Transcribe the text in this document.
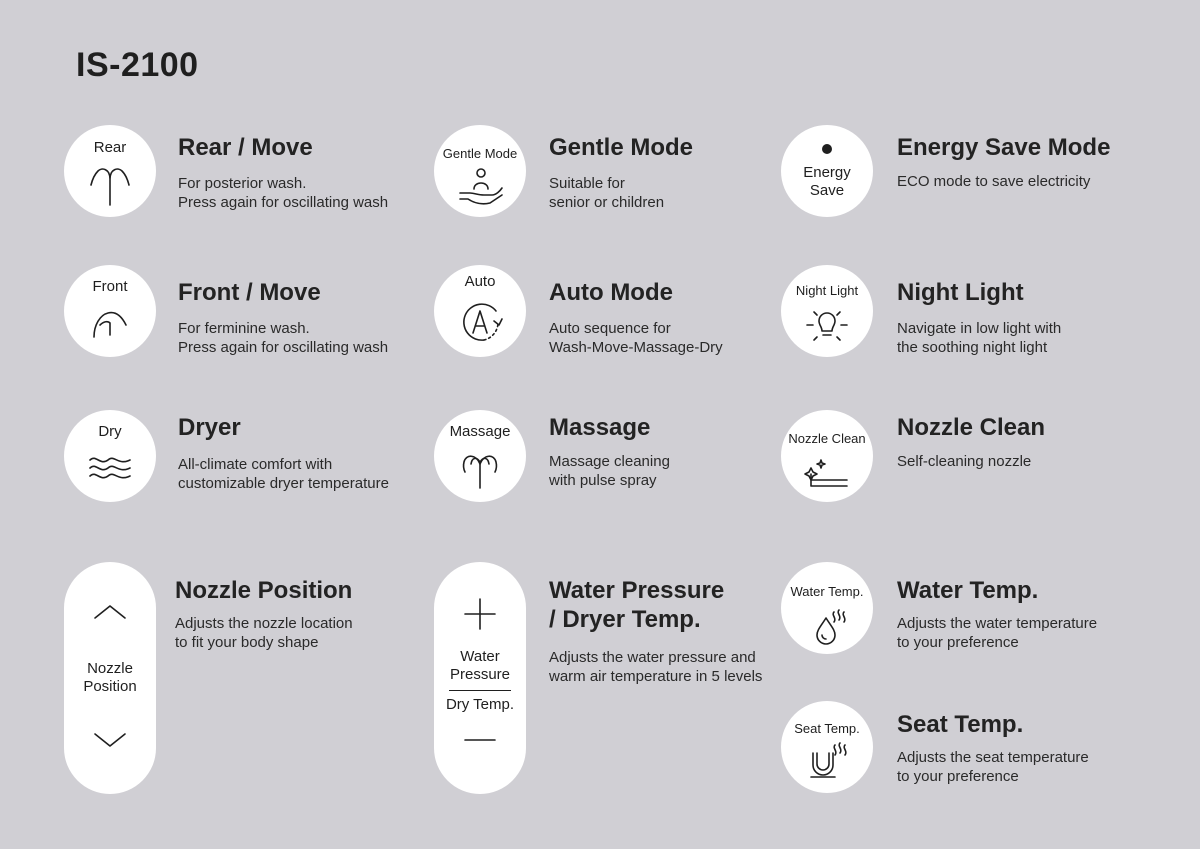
IS-2100
Rear	Rear / Move
For posterior wash.
Press again for oscillating wash
Front	Front / Move
For ferminine wash.
Press again for oscillating wash
Dry	Dryer
All-climate comfort with
customizable dryer temperature
Nozzle
Position
Nozzle Position
Adjusts the nozzle location
to fit your body shape
Gentle Mode	Gentle Mode
Suitable for
senior or children
Auto	Auto Mode
Auto sequence for
Wash-Move-Massage-Dry
Massage	Massage
Massage cleaning
with pulse spray
Water
Pressure
Dry Temp.
Water Pressure
/ Dryer Temp.
Adjusts the water pressure and
warm air temperature in 5 levels
Energy
Save
Energy Save Mode
ECO mode to save electricity
Night Light	Night Light
Navigate in low light with
the soothing night light
Nozzle Clean	Nozzle Clean
Self-cleaning nozzle
Water Temp.	Water Temp.
Adjusts the water temperature
to your preference
Seat Temp.	Seat Temp.
Adjusts the seat temperature
to your preference
